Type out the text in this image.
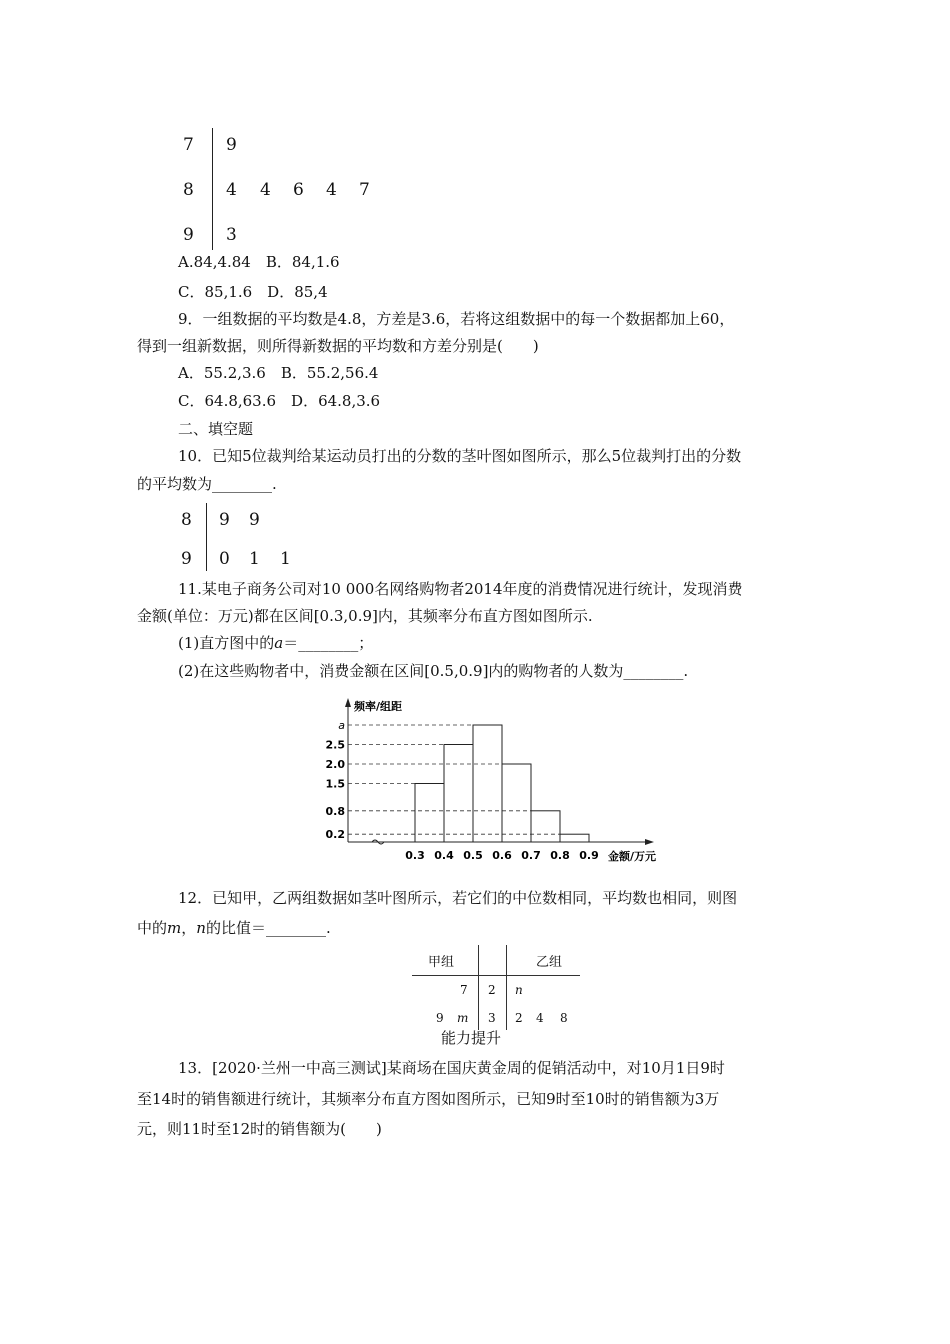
7
8
9
9
4 4 6 4 7
3
A.84,4.84　B．84,1.6
C．85,1.6　D．85,4
9．一组数据的平均数是4.8，方差是3.6，若将这组数据中的每一个数据都加上60，
得到一组新数据，则所得新数据的平均数和方差分别是(　　)
A．55.2,3.6　B．55.2,56.4
C．64.8,63.6　D．64.8,3.6
二、填空题
10．已知5位裁判给某运动员打出的分数的茎叶图如图所示，那么5位裁判打出的分数
的平均数为________.
8
9
9 9
0 1 1
11.某电子商务公司对10 000名网络购物者2014年度的消费情况进行统计，发现消费
金额(单位：万元)都在区间[0.3,0.9]内，其频率分布直方图如图所示.
(1)直方图中的a＝________；
(2)在这些购物者中，消费金额在区间[0.5,0.9]内的购物者的人数为________.
频率/组距
1.5
2.5
a
2.0
0.8
0.2
0.3 0.4 0.5 0.6 0.7 0.8 0.9 金额/万元
12．已知甲，乙两组数据如茎叶图所示，若它们的中位数相同，平均数也相同，则图
中的m，n的比值＝________.
甲组	乙组
7 2 n
9 m 3 2 4 8
能力提升
13．[2020·兰州一中高三测试]某商场在国庆黄金周的促销活动中，对10月1日9时
至14时的销售额进行统计，其频率分布直方图如图所示，已知9时至10时的销售额为3万
元，则11时至12时的销售额为(　　)
